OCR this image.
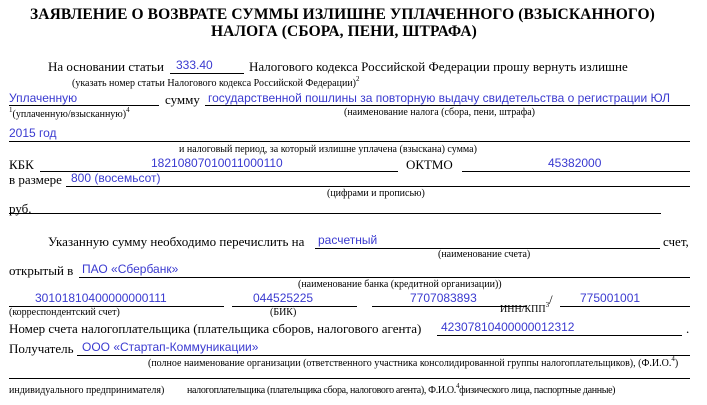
ЗАЯВЛЕНИЕ О ВОЗВРАТЕ СУММЫ ИЗЛИШНЕ УПЛАЧЕННОГО (ВЗЫСКАННОГО)
НАЛОГА (СБОРА, ПЕНИ, ШТРАФА)
На основании статьи 333.40	Налогового кодекса Российской Федерации прошу вернуть излишне
(указать номер статьи Налогового кодекса Российской Федерации)$^2$
Уплаченную	сумму государственной пошлины за повторную выдачу свидетельства о регистрации ЮЛ
$^1$(уплаченную/взысканную)$^4$	(наименование налога (сбора, пени, штрафа)
2015 год
и налоговый период, за который излишне уплачена (взыскана) сумма)
КБК	18210807010011000110	ОКТМО	45382000
в размере 800 (восемьсот)
(цифрами и прописью)
руб.
Указанную сумму необходимо перечислить на расчетный	счет,
(наименование счета)
открытый в ПАО «Сбербанк»
(наименование банка (кредитной организации))
30101810400000000111	044525225	7707083893	/ 775001001
(корреспондентский счет)	(БИК)	ИНН/КПП$^3$
Номер счета налогоплательщика (плательщика сборов, налогового агента) 42307810400000012312	.
Получатель ООО «Стартап-Коммуникации»
(полное наименование организации (ответственного участника консолидированной группы налогоплательщиков), (Ф.И.О.$^4$)
индивидуального предпринимателя) налогоплательщика (плательщика сбора, налогового агента), Ф.И.О.$^4$физического лица, паспортные данные)
